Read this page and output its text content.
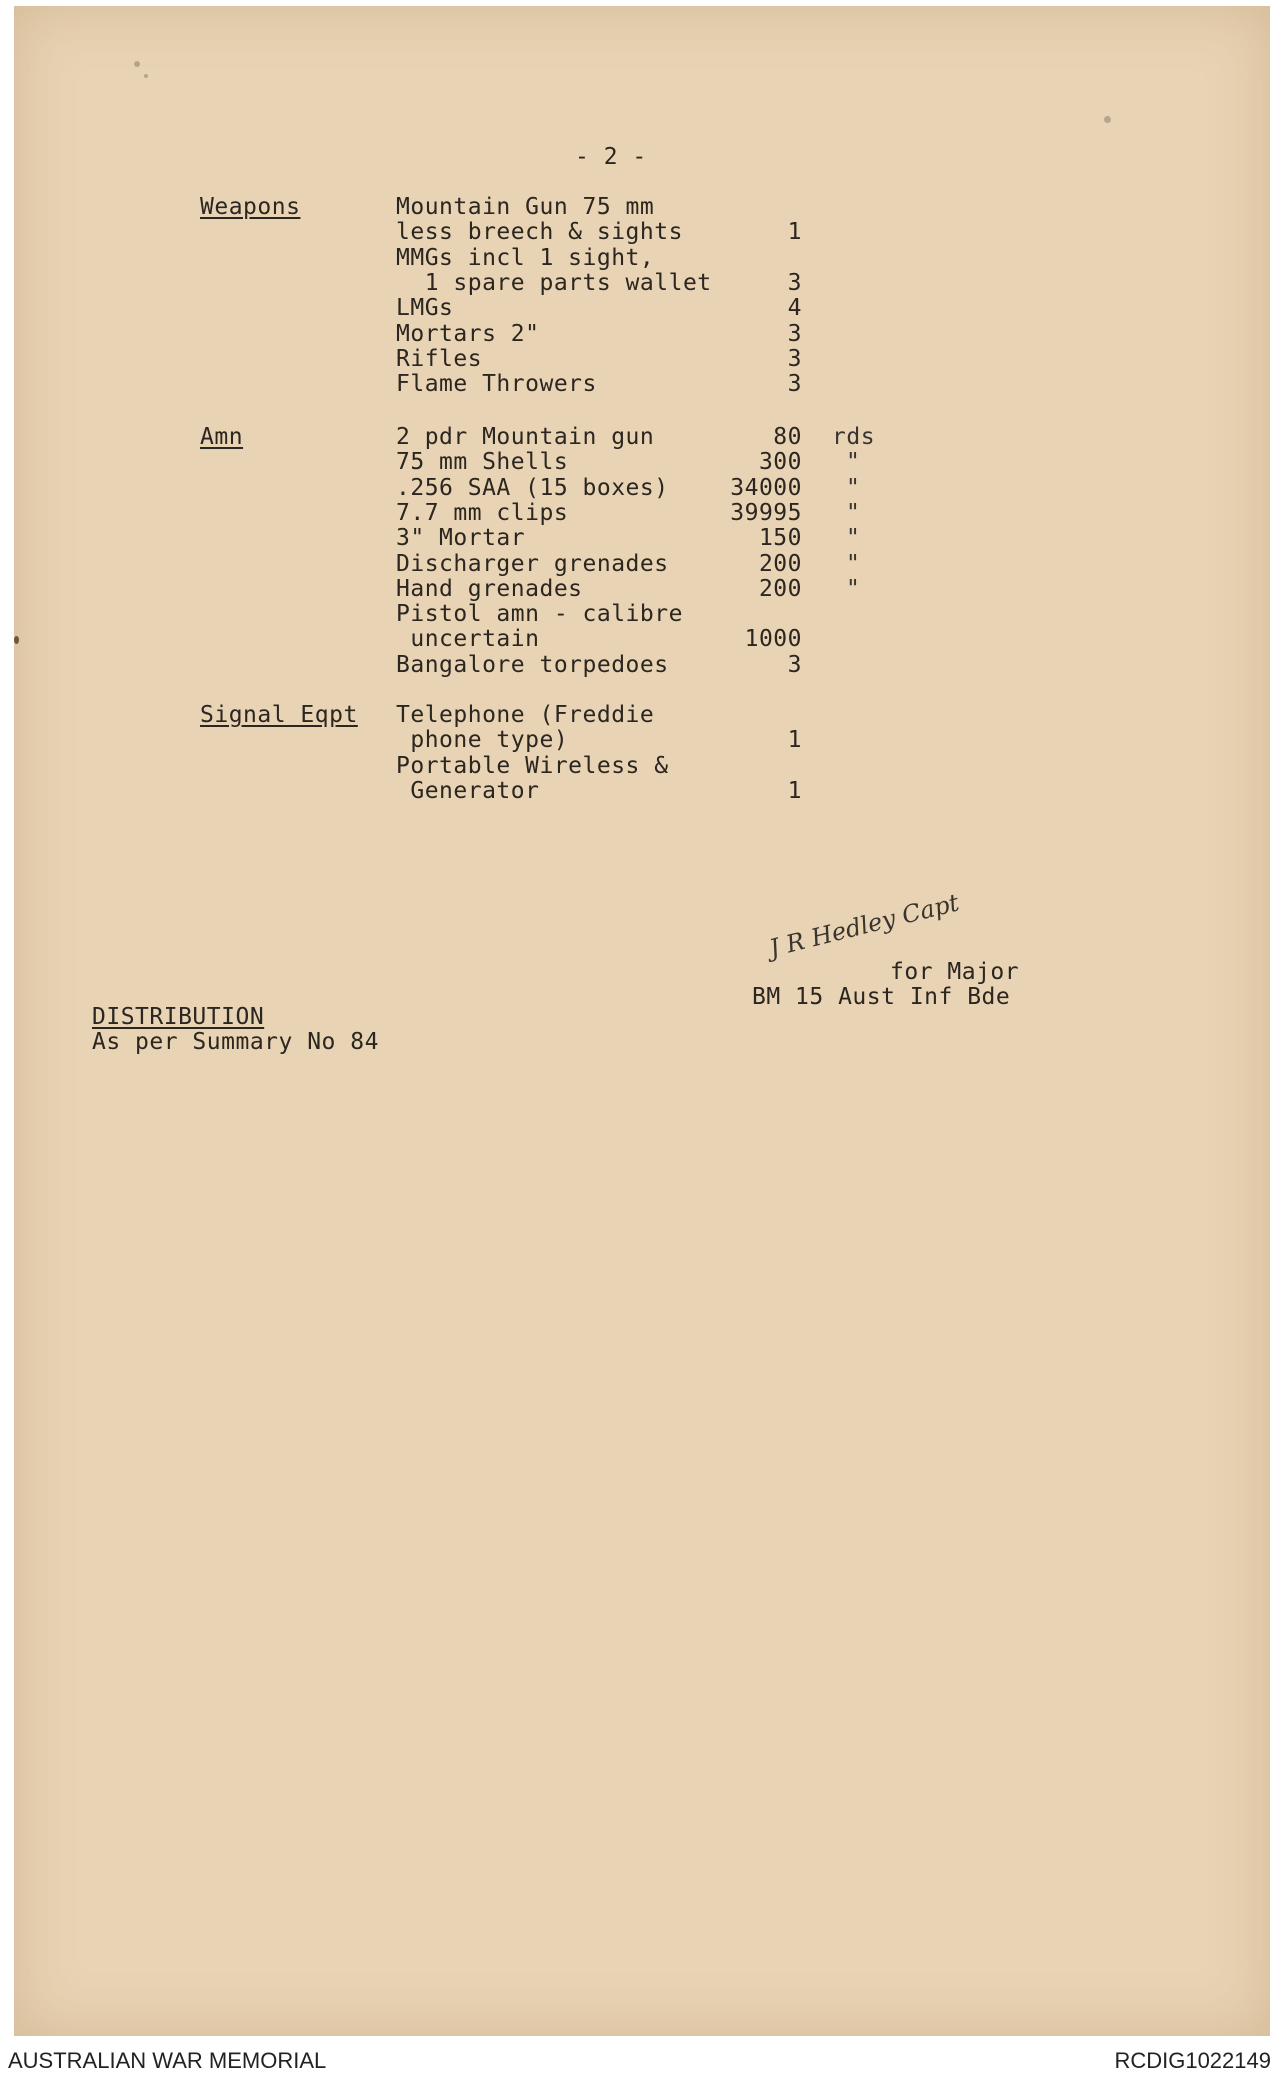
Weapons	Mountain Gun 75 mm
less breech & sights	1
MMGs incl 1 sight,
1 spare parts wallet	3
LMGs	4
Mortars 2"	3
Rifles	3
Flame Throwers	3
Amn	2 pdr Mountain gun	80 rds
75 mm Shells	300 "
.256 SAA (15 boxes)	34000 "
7.7 mm clips	39995 "
3" Mortar	150 "
Discharger grenades	200 "
Hand grenades	200 "
Pistol amn - calibre
uncertain	1000
Bangalore torpedoes	3
Signal Eqpt Telephone (Freddie
phone type)	1
Portable Wireless &
Generator	1
- 2 -
J R Hedley Capt
for Major
BM 15 Aust Inf Bde
DISTRIBUTION
As per Summary No 84
AUSTRALIAN WAR MEMORIAL	RCDIG1022149
